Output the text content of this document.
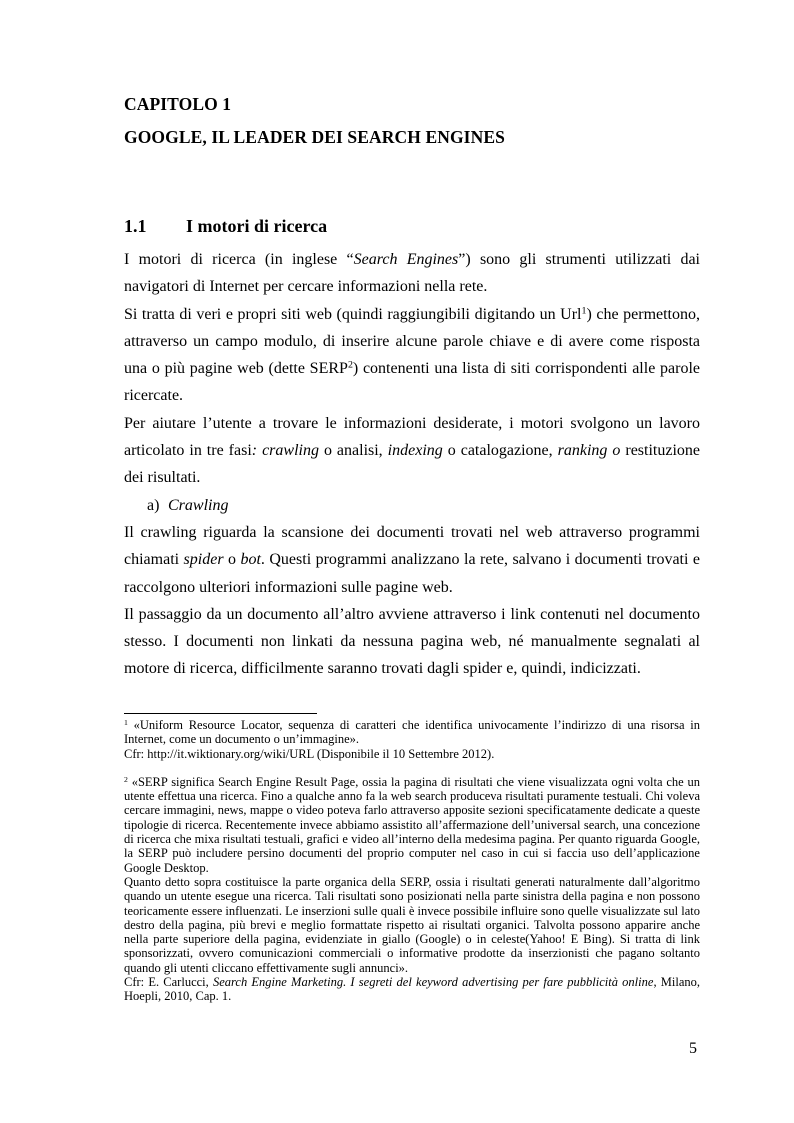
CAPITOLO 1
GOOGLE, IL LEADER DEI SEARCH ENGINES
1.1 I motori di ricerca

I motori di ricerca (in inglese “Search Engines”) sono gli strumenti utilizzati dai navigatori di Internet per cercare informazioni nella rete.

Si tratta di veri e propri siti web (quindi raggiungibili digitando un Url$^1$) che permettono, attraverso un campo modulo, di inserire alcune parole chiave e di avere come risposta una o più pagine web (dette SERP$^2$) contenenti una lista di siti corrispondenti alle parole ricercate.

Per aiutare l’utente a trovare le informazioni desiderate, i motori svolgono un lavoro articolato in tre fasi: crawling o analisi, indexing o catalogazione, ranking o restituzione dei risultati.

a) Crawling

Il crawling riguarda la scansione dei documenti trovati nel web attraverso programmi chiamati spider o bot. Questi programmi analizzano la rete, salvano i documenti trovati e raccolgono ulteriori informazioni sulle pagine web.

Il passaggio da un documento all’altro avviene attraverso i link contenuti nel documento stesso. I documenti non linkati da nessuna pagina web, né manualmente segnalati al motore di ricerca, difficilmente saranno trovati dagli spider e, quindi, indicizzati.

$^1$ «Uniform Resource Locator, sequenza di caratteri che identifica univocamente l’indirizzo di una risorsa in Internet, come un documento o un’immagine».

Cfr: http://it.wiktionary.org/wiki/URL (Disponibile il 10 Settembre 2012).

$^2$ «SERP significa Search Engine Result Page, ossia la pagina di risultati che viene visualizzata ogni volta che un utente effettua una ricerca. Fino a qualche anno fa la web search produceva risultati puramente testuali. Chi voleva cercare immagini, news, mappe o video poteva farlo attraverso apposite sezioni specificatamente dedicate a queste tipologie di ricerca. Recentemente invece abbiamo assistito all’affermazione dell’universal search, una concezione di ricerca che mixa risultati testuali, grafici e video all’interno della medesima pagina. Per quanto riguarda Google, la SERP può includere persino documenti del proprio computer nel caso in cui si faccia uso dell’applicazione Google Desktop.

Quanto detto sopra costituisce la parte organica della SERP, ossia i risultati generati naturalmente dall’algoritmo quando un utente esegue una ricerca. Tali risultati sono posizionati nella parte sinistra della pagina e non possono teoricamente essere influenzati. Le inserzioni sulle quali è invece possibile influire sono quelle visualizzate sul lato destro della pagina, più brevi e meglio formattate rispetto ai risultati organici. Talvolta possono apparire anche nella parte superiore della pagina, evidenziate in giallo (Google) o in celeste(Yahoo! E Bing). Si tratta di link sponsorizzati, ovvero comunicazioni commerciali o informative prodotte da inserzionisti che pagano soltanto quando gli utenti cliccano effettivamente sugli annunci».

Cfr: E. Carlucci, Search Engine Marketing. I segreti del keyword advertising per fare pubblicità online, Milano, Hoepli, 2010, Cap. 1.

5
